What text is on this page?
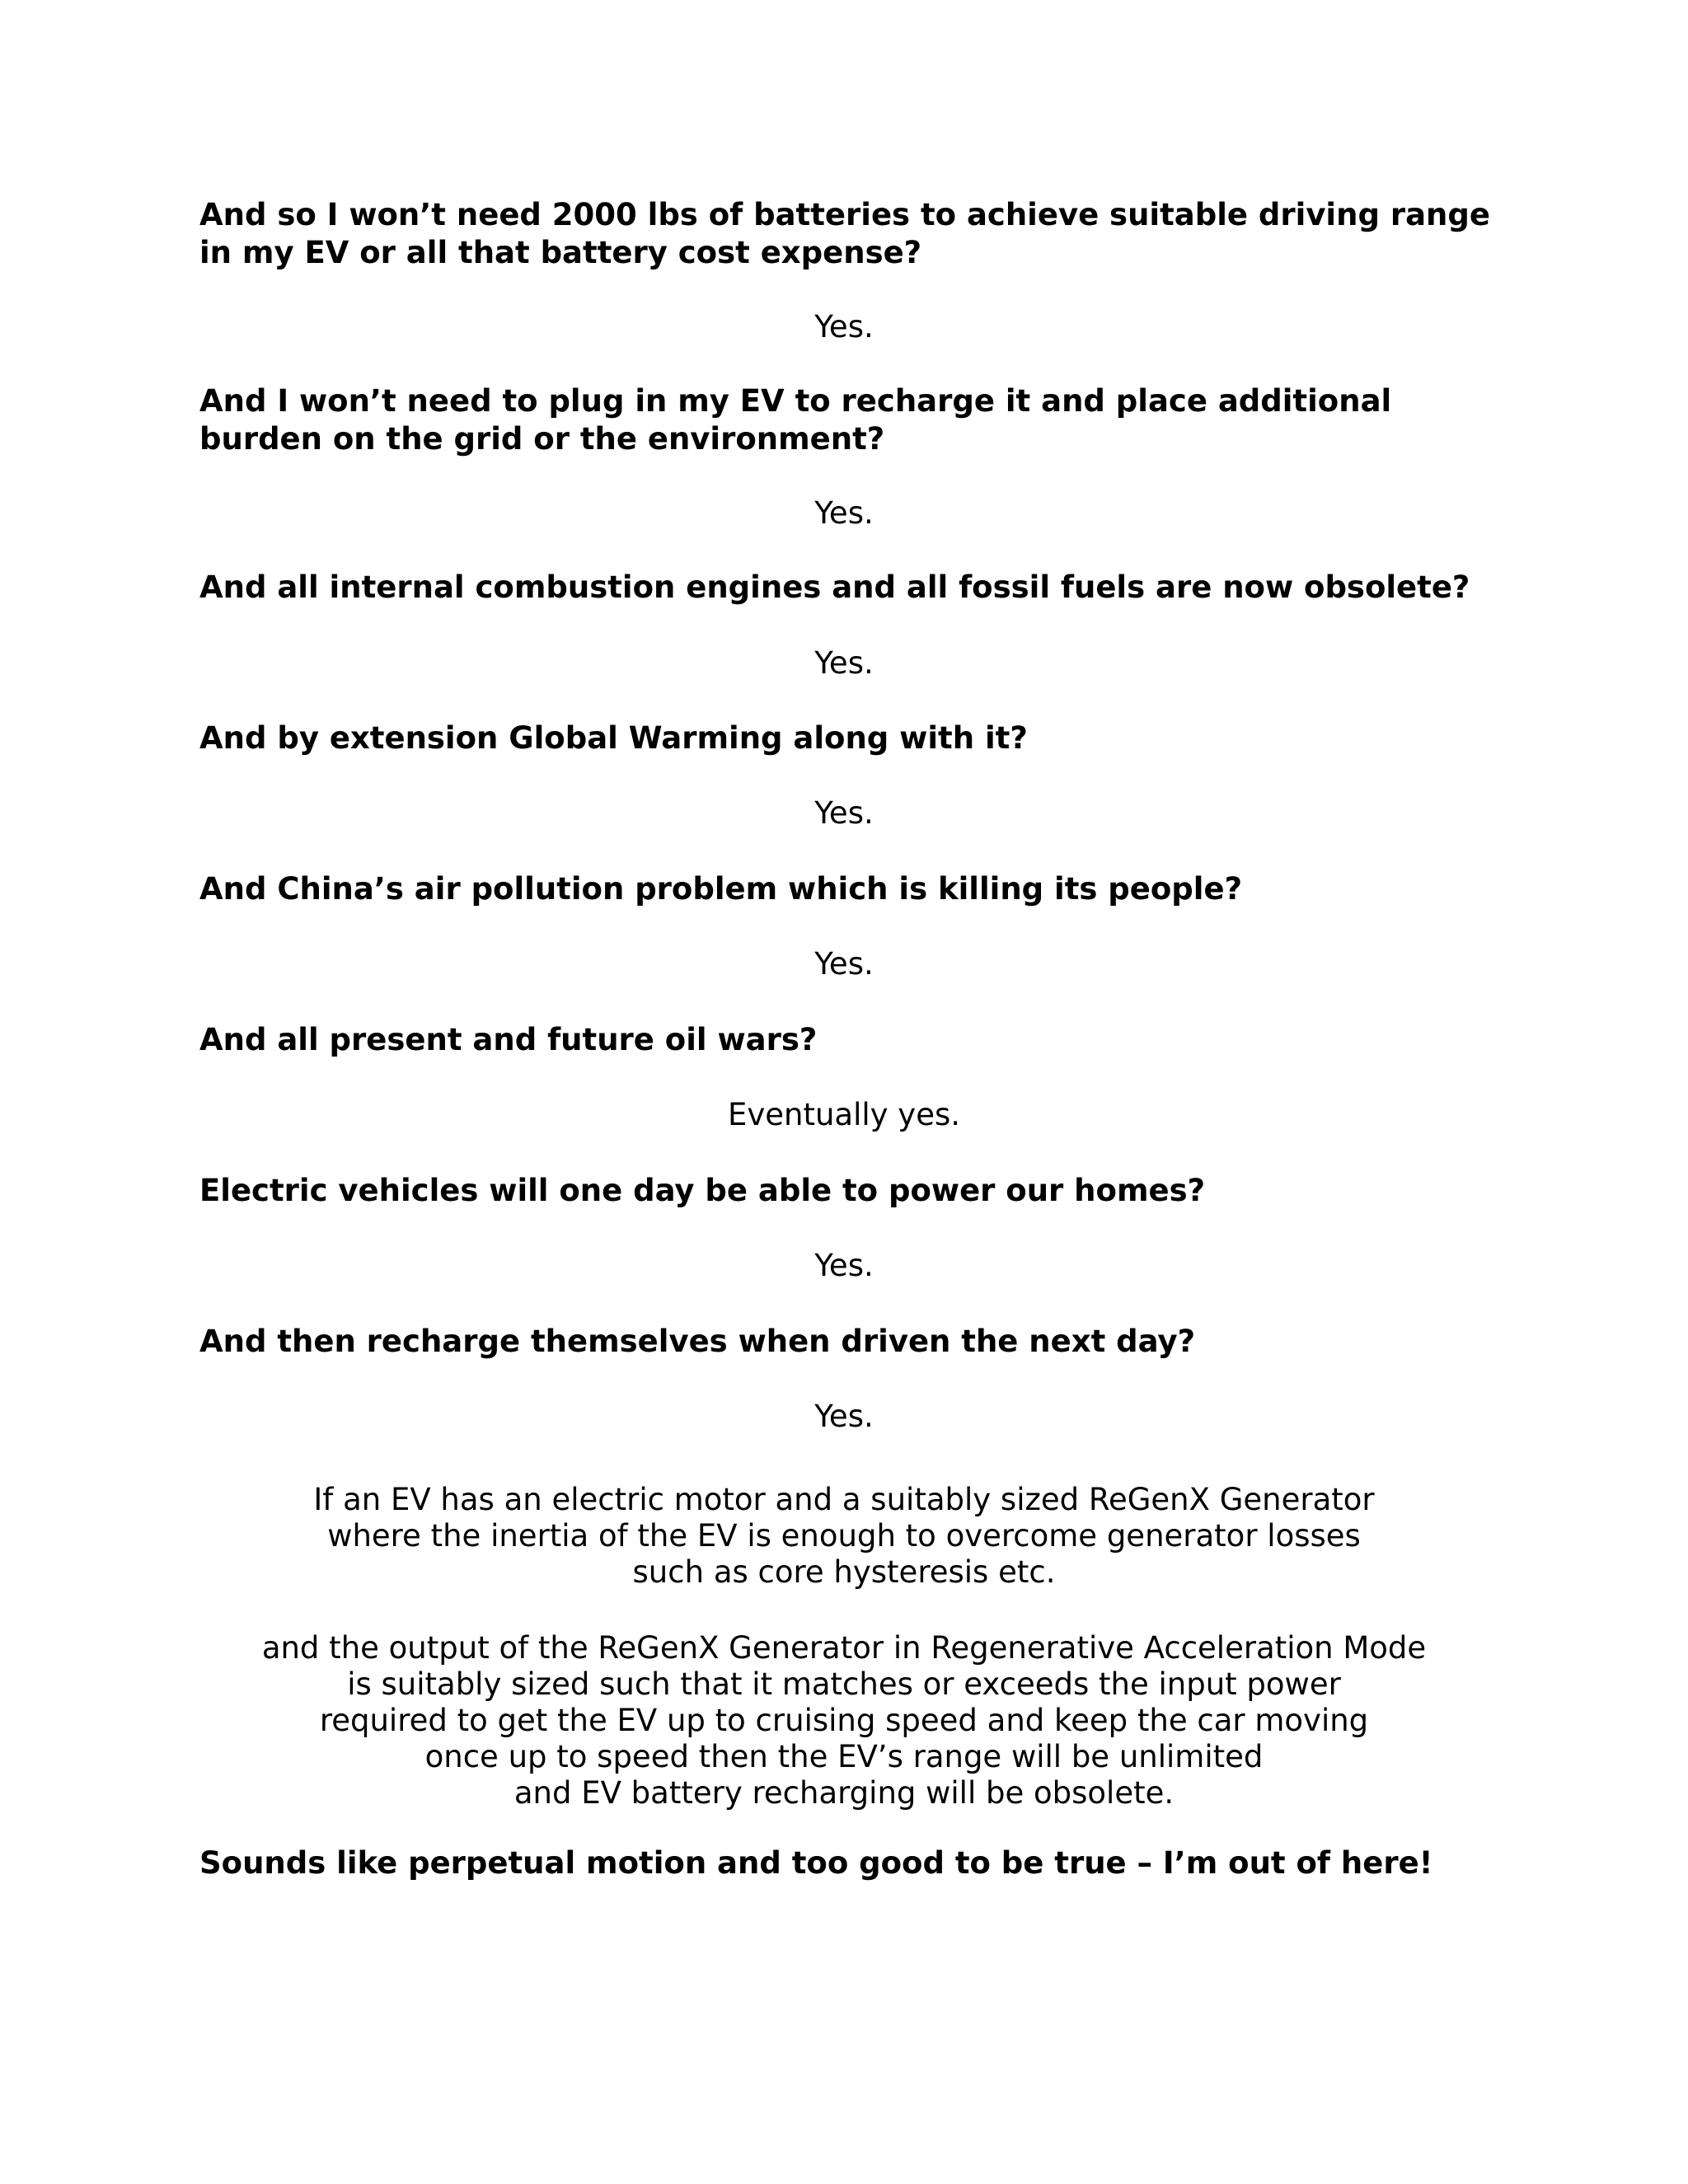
And so I won’t need 2000 lbs of batteries to achieve suitable driving range
in my EV or all that battery cost expense?
Yes.
And I won’t need to plug in my EV to recharge it and place additional
burden on the grid or the environment?
Yes.
And all internal combustion engines and all fossil fuels are now obsolete?
Yes.
And by extension Global Warming along with it?
Yes.
And China’s air pollution problem which is killing its people?
Yes.
And all present and future oil wars?
Eventually yes.
Electric vehicles will one day be able to power our homes?
Yes.
And then recharge themselves when driven the next day?
Yes.
If an EV has an electric motor and a suitably sized ReGenX Generator
where the inertia of the EV is enough to overcome generator losses
such as core hysteresis etc.
and the output of the ReGenX Generator in Regenerative Acceleration Mode
is suitably sized such that it matches or exceeds the input power
required to get the EV up to cruising speed and keep the car moving
once up to speed then the EV’s range will be unlimited
and EV battery recharging will be obsolete.
Sounds like perpetual motion and too good to be true – I’m out of here!
